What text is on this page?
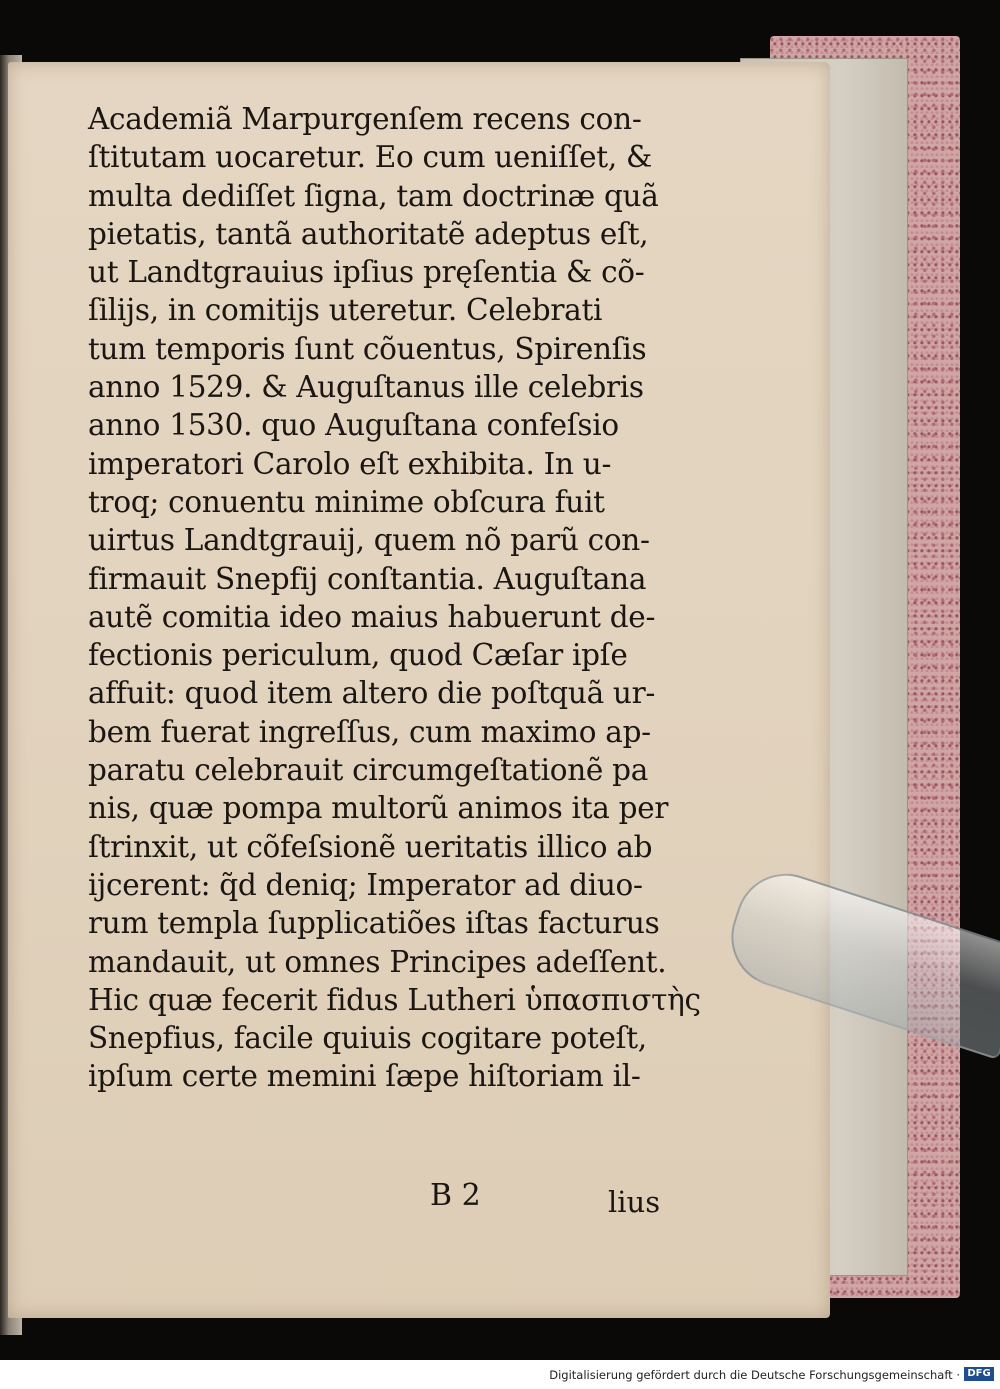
Academiã Marpurgenſem recens con‑
ſtitutam uocaretur. Eo cum ueniſſet, &
multa dediſſet ſigna, tam doctrinæ quã
pietatis, tantã authoritatẽ adeptus eſt,
ut Landtgrauius ipſius pręſentia & cõ‑
ſilijs, in comitijs uteretur. Celebrati
tum temporis ſunt cõuentus, Spirenſis
anno 1529. & Auguſtanus ille celebris
anno 1530. quo Auguſtana confeſsio
imperatori Carolo eſt exhibita. In u‑
troq; conuentu minime obſcura fuit
uirtus Landtgrauij, quem nõ parũ con‑
firmauit Snepfij conſtantia. Auguſtana
autẽ comitia ideo maius habuerunt de‑
fectionis periculum, quod Cæſar ipſe
affuit: quod item altero die poſtquã ur‑
bem fuerat ingreſſus, cum maximo ap‑
paratu celebrauit circumgeſtationẽ pa
nis, quæ pompa multorũ animos ita per
ſtrinxit, ut cõfeſsionẽ ueritatis illico ab
ijcerent: q̃d deniq; Imperator ad diuo‑
rum templa ſupplicatiões iſtas facturus
mandauit, ut omnes Principes adeſſent.
Hic quæ fecerit fidus Lutheri ὑπασπιστὴς
Snepfius, facile quiuis cogitare poteſt,
ipſum certe memini ſæpe hiſtoriam il‑
B 2	lius
Digitalisierung gefördert durch die Deutsche Forschungsgemeinschaft · DFG
